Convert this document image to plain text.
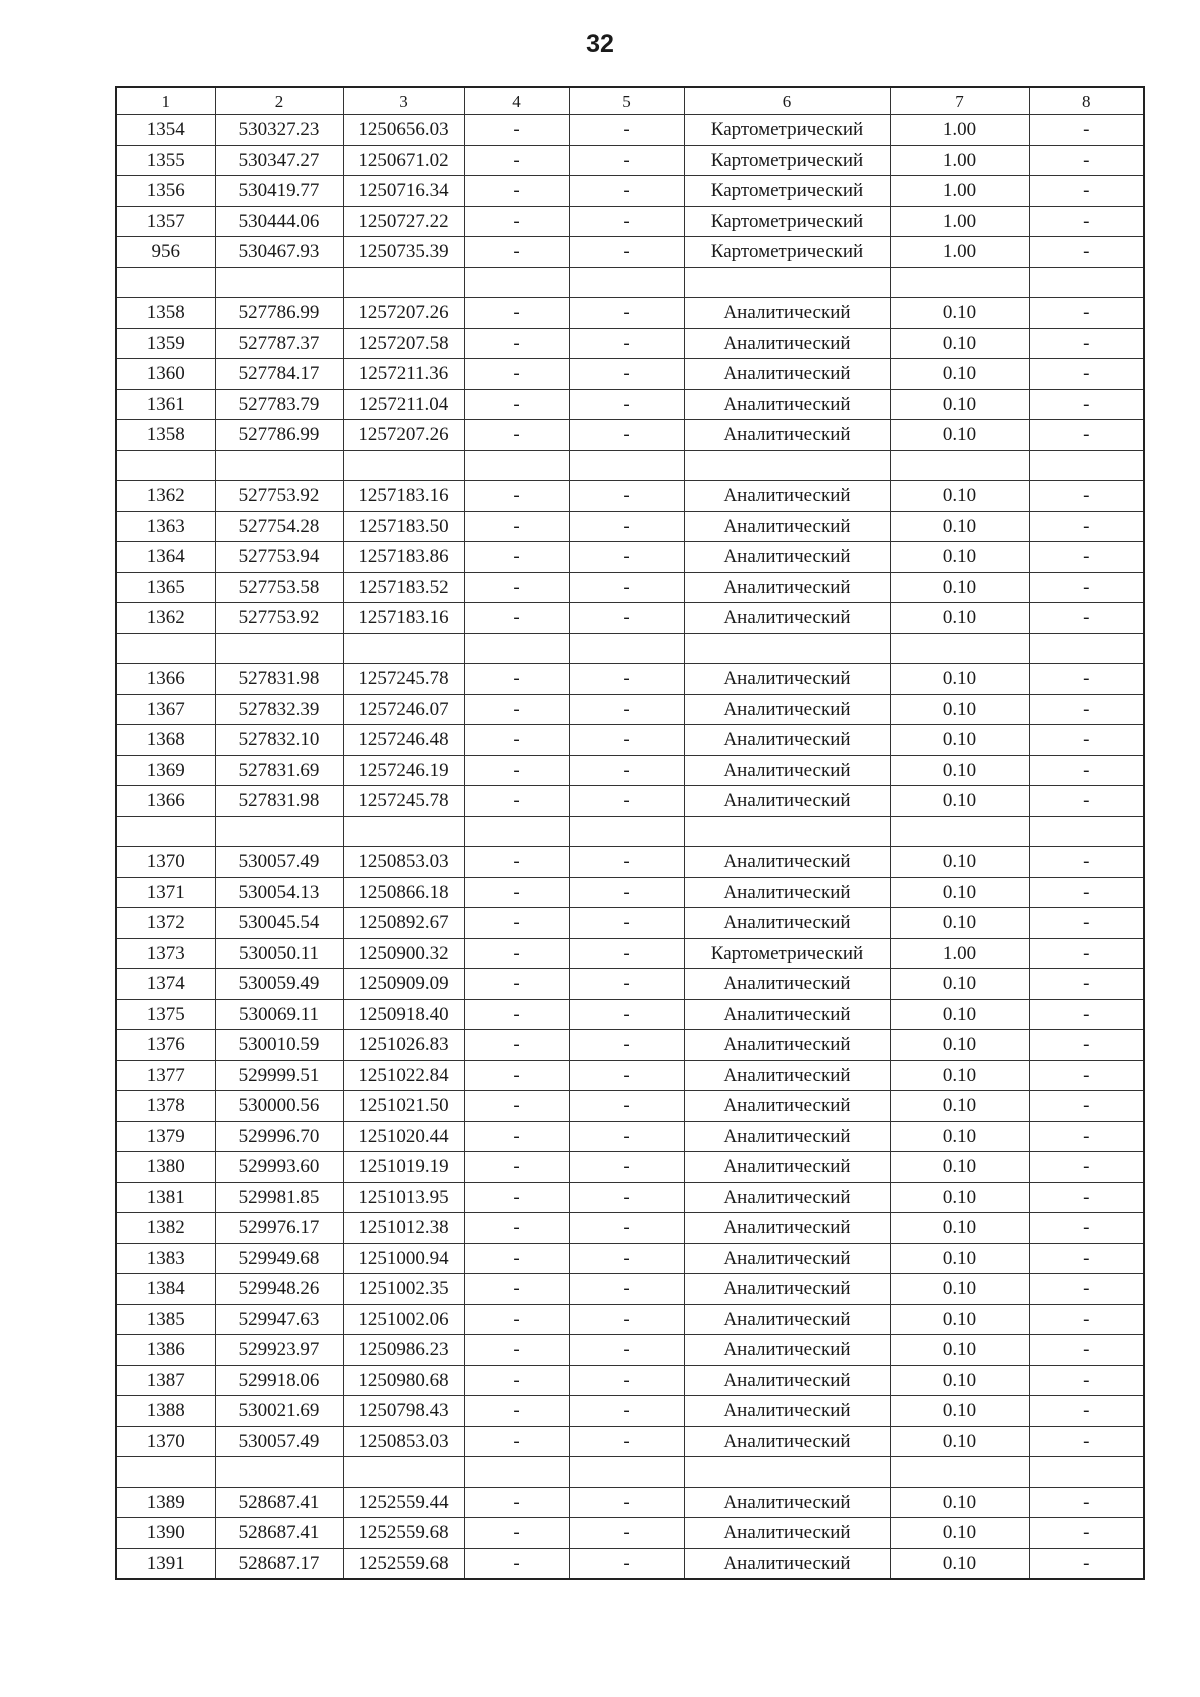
32
1	2	3	4	5	6	7	8
1354	530327.23	1250656.03	-	-	Картометрический	1.00	-
1355	530347.27	1250671.02	-	-	Картометрический	1.00	-
1356	530419.77	1250716.34	-	-	Картометрический	1.00	-
1357	530444.06	1250727.22	-	-	Картометрический	1.00	-
956	530467.93	1250735.39	-	-	Картометрический	1.00	-

1358	527786.99	1257207.26	-	-	Аналитический	0.10	-
1359	527787.37	1257207.58	-	-	Аналитический	0.10	-
1360	527784.17	1257211.36	-	-	Аналитический	0.10	-
1361	527783.79	1257211.04	-	-	Аналитический	0.10	-
1358	527786.99	1257207.26	-	-	Аналитический	0.10	-

1362	527753.92	1257183.16	-	-	Аналитический	0.10	-
1363	527754.28	1257183.50	-	-	Аналитический	0.10	-
1364	527753.94	1257183.86	-	-	Аналитический	0.10	-
1365	527753.58	1257183.52	-	-	Аналитический	0.10	-
1362	527753.92	1257183.16	-	-	Аналитический	0.10	-

1366	527831.98	1257245.78	-	-	Аналитический	0.10	-
1367	527832.39	1257246.07	-	-	Аналитический	0.10	-
1368	527832.10	1257246.48	-	-	Аналитический	0.10	-
1369	527831.69	1257246.19	-	-	Аналитический	0.10	-
1366	527831.98	1257245.78	-	-	Аналитический	0.10	-

1370	530057.49	1250853.03	-	-	Аналитический	0.10	-
1371	530054.13	1250866.18	-	-	Аналитический	0.10	-
1372	530045.54	1250892.67	-	-	Аналитический	0.10	-
1373	530050.11	1250900.32	-	-	Картометрический	1.00	-
1374	530059.49	1250909.09	-	-	Аналитический	0.10	-
1375	530069.11	1250918.40	-	-	Аналитический	0.10	-
1376	530010.59	1251026.83	-	-	Аналитический	0.10	-
1377	529999.51	1251022.84	-	-	Аналитический	0.10	-
1378	530000.56	1251021.50	-	-	Аналитический	0.10	-
1379	529996.70	1251020.44	-	-	Аналитический	0.10	-
1380	529993.60	1251019.19	-	-	Аналитический	0.10	-
1381	529981.85	1251013.95	-	-	Аналитический	0.10	-
1382	529976.17	1251012.38	-	-	Аналитический	0.10	-
1383	529949.68	1251000.94	-	-	Аналитический	0.10	-
1384	529948.26	1251002.35	-	-	Аналитический	0.10	-
1385	529947.63	1251002.06	-	-	Аналитический	0.10	-
1386	529923.97	1250986.23	-	-	Аналитический	0.10	-
1387	529918.06	1250980.68	-	-	Аналитический	0.10	-
1388	530021.69	1250798.43	-	-	Аналитический	0.10	-
1370	530057.49	1250853.03	-	-	Аналитический	0.10	-

1389	528687.41	1252559.44	-	-	Аналитический	0.10	-
1390	528687.41	1252559.68	-	-	Аналитический	0.10	-
1391	528687.17	1252559.68	-	-	Аналитический	0.10	-
